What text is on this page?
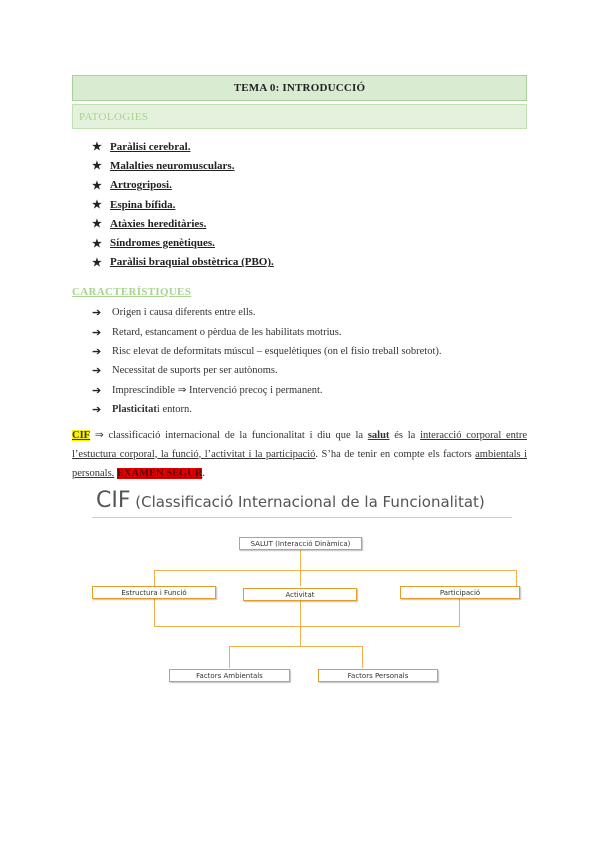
TEMA 0: INTRODUCCIÓ
PATOLOGIES
★ Paràlisi cerebral.
★ Malalties neuromusculars.
★ Artrogriposi.
★ Espina bífida.
★ Atàxies hereditàries.
★ Síndromes genètiques.
★ Paràlisi braquial obstètrica (PBO).
CARACTERÍSTIQUES
➔	Origen i causa diferents entre ells.
➔	Retard, estancament o pèrdua de les habilitats motrius.
➔	Risc elevat de deformitats múscul – esquelètiques (on el fisio treball sobretot).
➔	Necessitat de suports per ser autònoms.
➔	Imprescindible ⇒ Intervenció precoç i permanent.
➔	Plasticitat i entorn.

CIF ⇒ classificació internacional de la funcionalitat i diu que la salut és la interacció corporal entre l’estuctura corporal, la funció, l’activitat i la participació. S’ha de tenir en compte els factors ambientals i personals. EXAMEN SEGUR.

CIF (Classificació Internacional de la Funcionalitat)
SALUT (Interacció Dinàmica)
Estructura i Funció	Activitat	Participació
Factors Ambientals	Factors Personals
